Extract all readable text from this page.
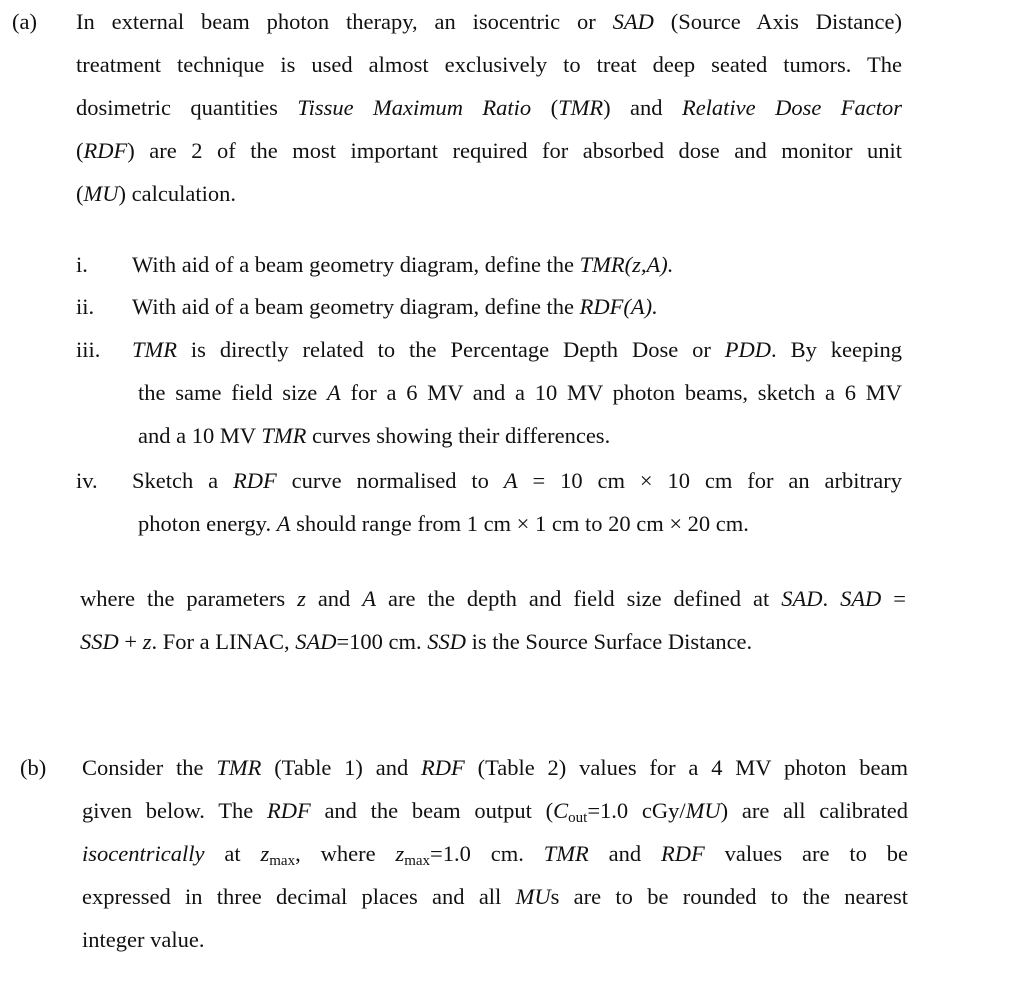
(a) In external beam photon therapy, an isocentric or SAD (Source Axis Distance)
treatment technique is used almost exclusively to treat deep seated tumors. The
dosimetric quantities Tissue Maximum Ratio (TMR) and Relative Dose Factor
(RDF) are 2 of the most important required for absorbed dose and monitor unit
(MU) calculation.
i.	With aid of a beam geometry diagram, define the TMR(z,A).
ii.	With aid of a beam geometry diagram, define the RDF(A).
iii.	TMR is directly related to the Percentage Depth Dose or PDD. By keeping
the same field size A for a 6 MV and a 10 MV photon beams, sketch a 6 MV
and a 10 MV TMR curves showing their differences.
iv.	Sketch a RDF curve normalised to A = 10 cm × 10 cm for an arbitrary
photon energy. A should range from 1 cm × 1 cm to 20 cm × 20 cm.
where the parameters z and A are the depth and field size defined at SAD. SAD =
SSD + z. For a LINAC, SAD=100 cm. SSD is the Source Surface Distance.
(b) Consider the TMR (Table 1) and RDF (Table 2) values for a 4 MV photon beam
given below. The RDF and the beam output ($C_{out}=1.0$ cGy/MU) are all calibrated
isocentrically at $z_{max}$, where $z_{max}=1.0$ cm. TMR and RDF values are to be
expressed in three decimal places and all MUs are to be rounded to the nearest
integer value.
